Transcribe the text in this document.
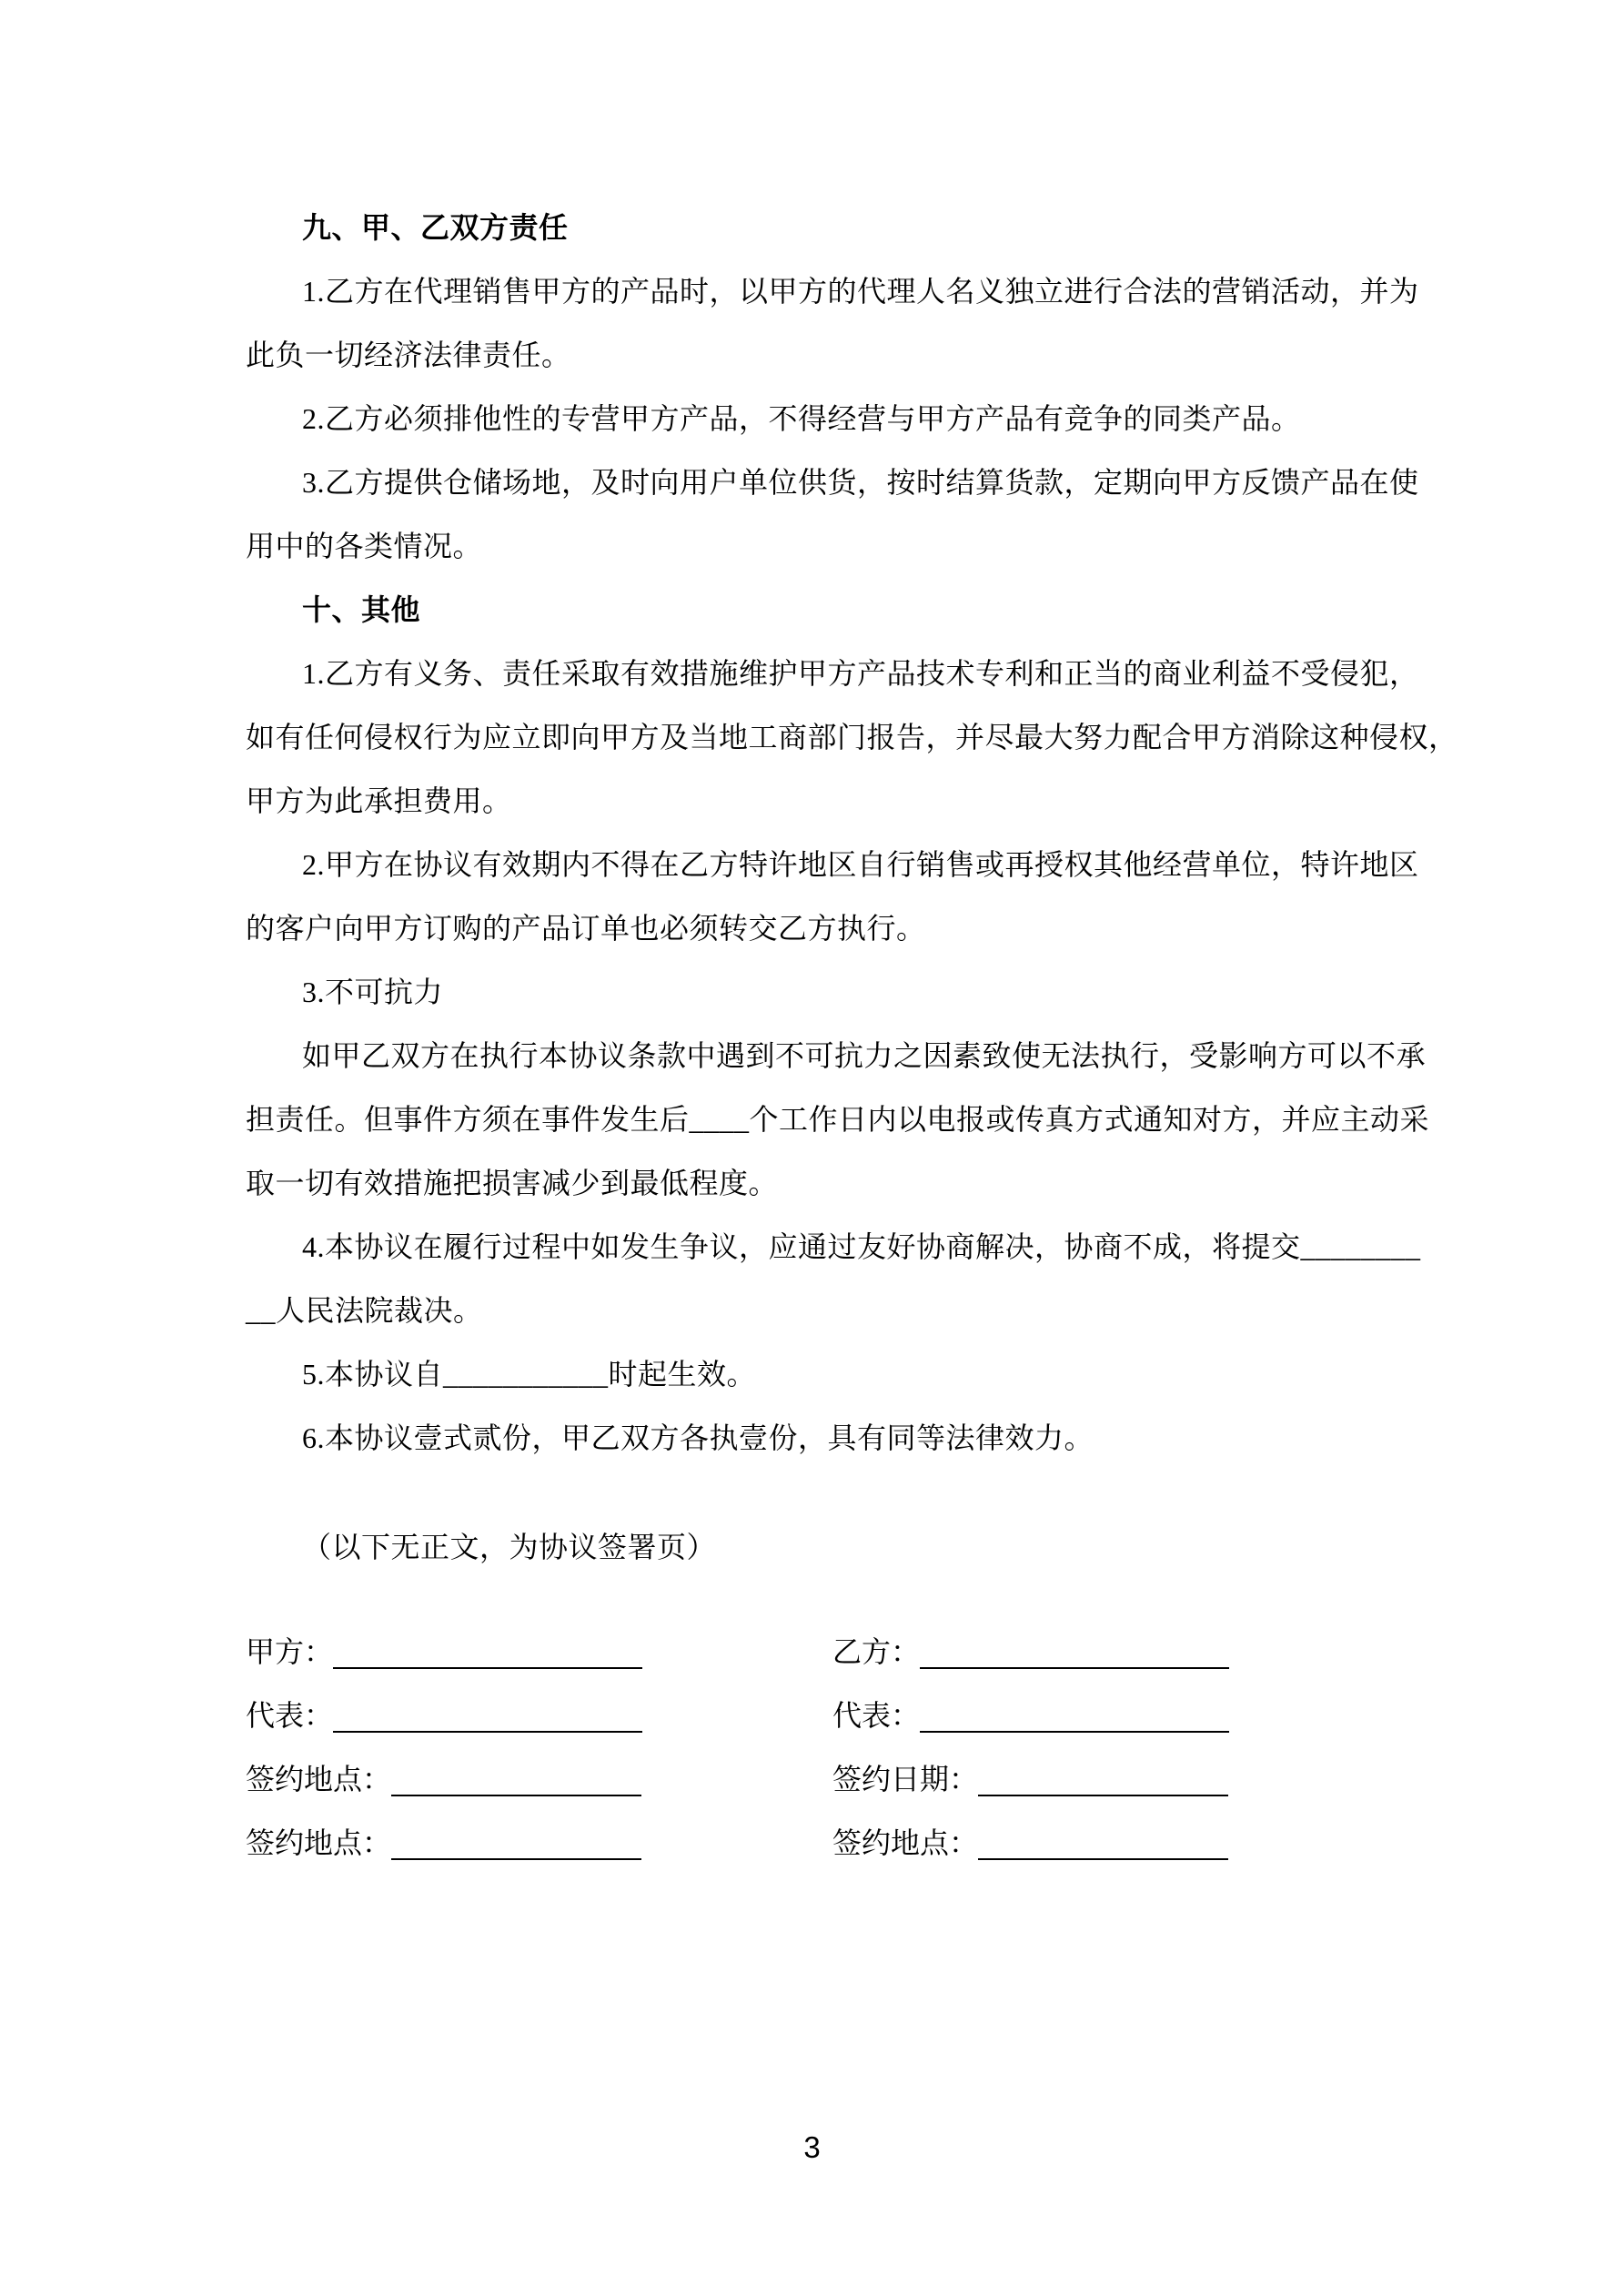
九、甲、乙双方责任
1.乙方在代理销售甲方的产品时，以甲方的代理人名义独立进行合法的营销活动，并为
此负一切经济法律责任。
2.乙方必须排他性的专营甲方产品，不得经营与甲方产品有竞争的同类产品。
3.乙方提供仓储场地，及时向用户单位供货，按时结算货款，定期向甲方反馈产品在使
用中的各类情况。
十、其他
1.乙方有义务、责任采取有效措施维护甲方产品技术专利和正当的商业利益不受侵犯，
如有任何侵权行为应立即向甲方及当地工商部门报告，并尽最大努力配合甲方消除这种侵权，
甲方为此承担费用。
2.甲方在协议有效期内不得在乙方特许地区自行销售或再授权其他经营单位，特许地区
的客户向甲方订购的产品订单也必须转交乙方执行。
3.不可抗力
如甲乙双方在执行本协议条款中遇到不可抗力之因素致使无法执行，受影响方可以不承
担责任。但事件方须在事件发生后____个工作日内以电报或传真方式通知对方，并应主动采
取一切有效措施把损害减少到最低程度。
4.本协议在履行过程中如发生争议，应通过友好协商解决，协商不成，将提交________
__人民法院裁决。
5.本协议自___________时起生效。
6.本协议壹式贰份，甲乙双方各执壹份，具有同等法律效力。
（以下无正文，为协议签署页）
甲方：	乙方：
代表：	代表：
签约地点：	签约日期：
签约地点：	签约地点：
3
